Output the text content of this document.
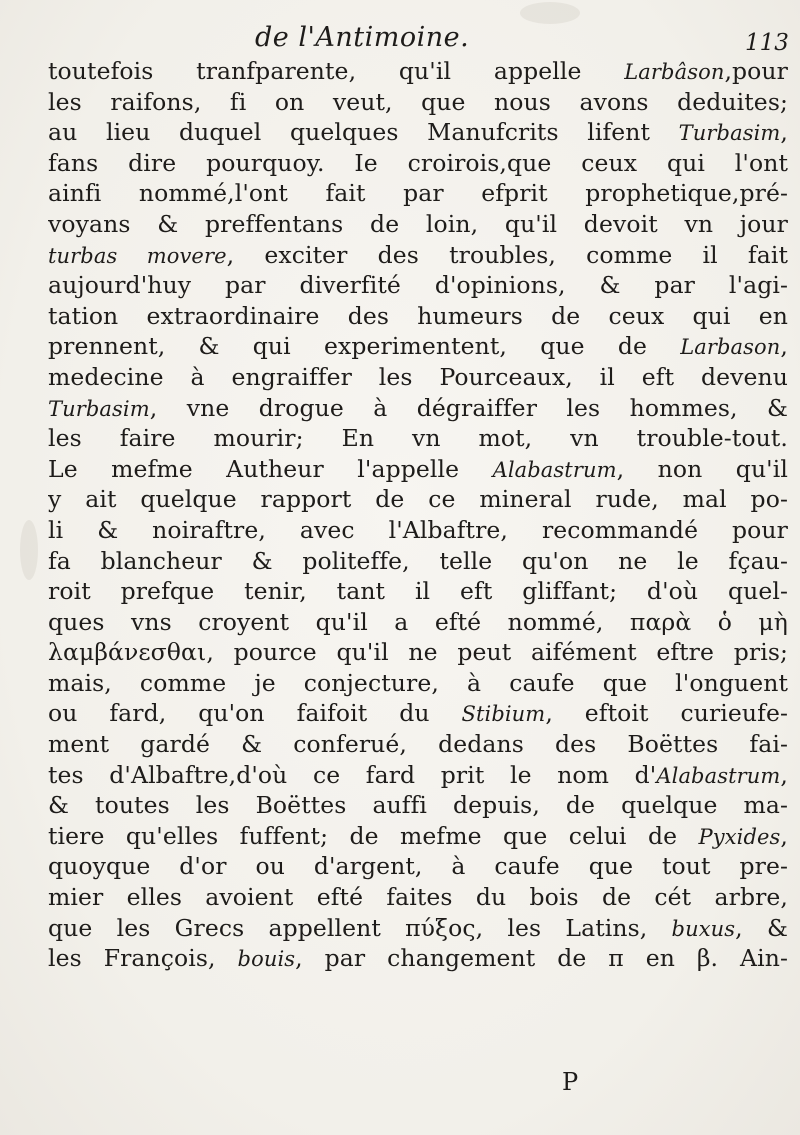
de l'Antimoine.	113
toutefois tranfparente, qu'il appelle Larbâson,pour
les raifons, fi on veut, que nous avons deduites;
au lieu duquel quelques Manufcrits lifent Turbasim,
fans dire pourquoy. Ie croirois,que ceux qui l'ont
ainfi nommé,l'ont fait par efprit prophetique,pré-
voyans & preffentans de loin, qu'il devoit vn jour
turbas movere, exciter des troubles, comme il fait
aujourd'huy par diverfité d'opinions, & par l'agi-
tation extraordinaire des humeurs de ceux qui en
prennent, & qui experimentent, que de Larbason,
medecine à engraiffer les Pourceaux, il eft devenu
Turbasim, vne drogue à dégraiffer les hommes, &
les faire mourir; En vn mot, vn trouble-tout.
Le mefme Autheur l'appelle Alabastrum, non qu'il
y ait quelque rapport de ce mineral rude, mal po-
li & noiraftre, avec l'Albaftre, recommandé pour
fa blancheur & politeffe, telle qu'on ne le fçau-
roit prefque tenir, tant il eft gliffant; d'où quel-
ques vns croyent qu'il a efté nommé, παρὰ ὁ μὴ
λαμβάνεσθαι, pource qu'il ne peut aifément eftre pris;
mais, comme je conjecture, à caufe que l'onguent
ou fard, qu'on faifoit du Stibium, eftoit curieufe-
ment gardé & conferué, dedans des Boëttes fai-
tes d'Albaftre,d'où ce fard prit le nom d'Alabastrum,
& toutes les Boëttes auffi depuis, de quelque ma-
tiere qu'elles fuffent; de mefme que celui de Pyxides,
quoyque d'or ou d'argent, à caufe que tout pre-
mier elles avoient efté faites du bois de cét arbre,
que les Grecs appellent πύξος, les Latins, buxus, &
les François, bouis, par changement de π en β. Ain-
P
